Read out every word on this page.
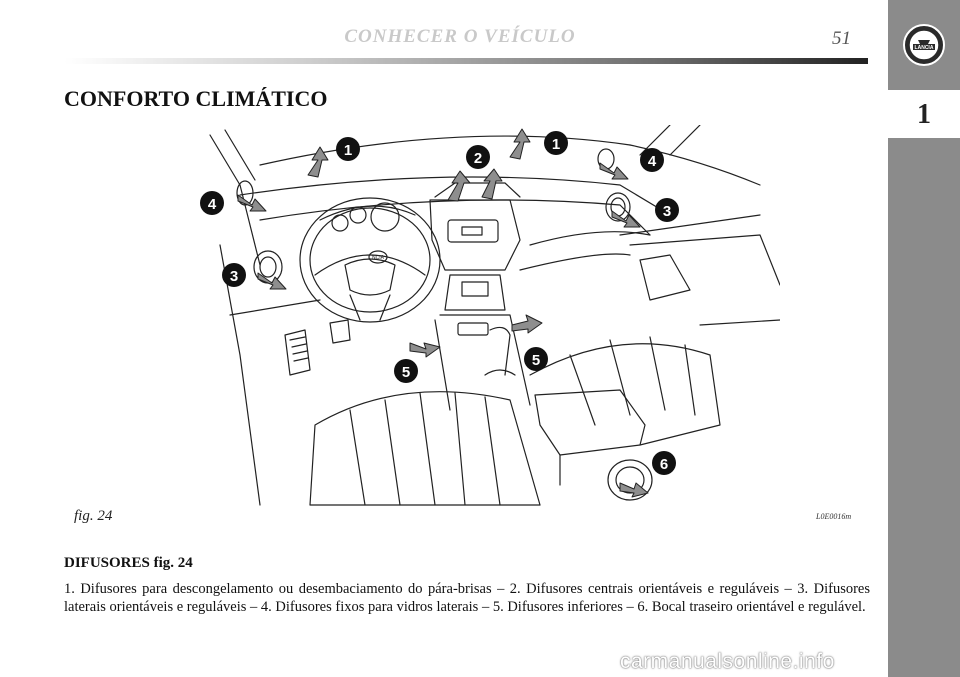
CONHECER O VEÍCULO	51	LANCIA
1
CONFORTO CLIMÁTICO
NCIA
1	1
2
3
3
4
4
5
5
6
fig. 24	L0E0016m
DIFUSORES fig. 24
1. Difusores para descongelamento ou desembaciamento do pára-brisas – 2. Difusores centrais orientáveis e reguláveis – 3. Difusores laterais orientáveis e reguláveis – 4. Difusores fixos para vidros laterais – 5. Difusores inferiores – 6. Bocal traseiro orientável e regulável.
carmanualsonline.info
